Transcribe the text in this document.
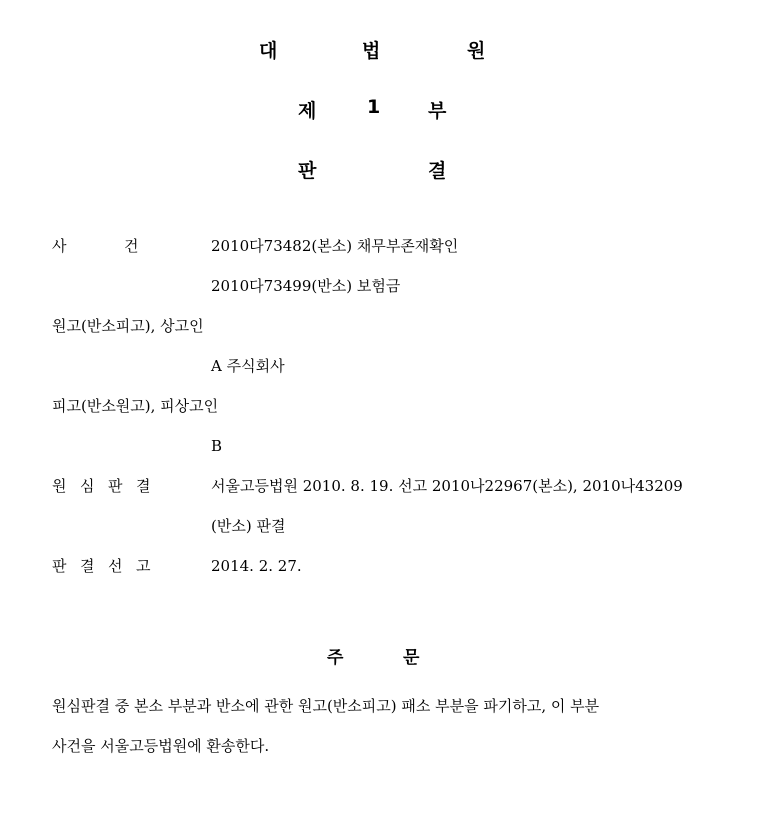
대	법	원
제	1	부
판	결
사	건	2010다73482(본소) 채무부존재확인
2010다73499(반소) 보험금
원고(반소피고), 상고인
A 주식회사
피고(반소원고), 피상고인
B
원 심 판 결	서울고등법원 2010. 8. 19. 선고 2010나22967(본소), 2010나43209
(반소) 판결
판 결 선 고	2014. 2. 27.
주	문
원심판결 중 본소 부분과 반소에 관한 원고(반소피고) 패소 부분을 파기하고, 이 부분
사건을 서울고등법원에 환송한다.
